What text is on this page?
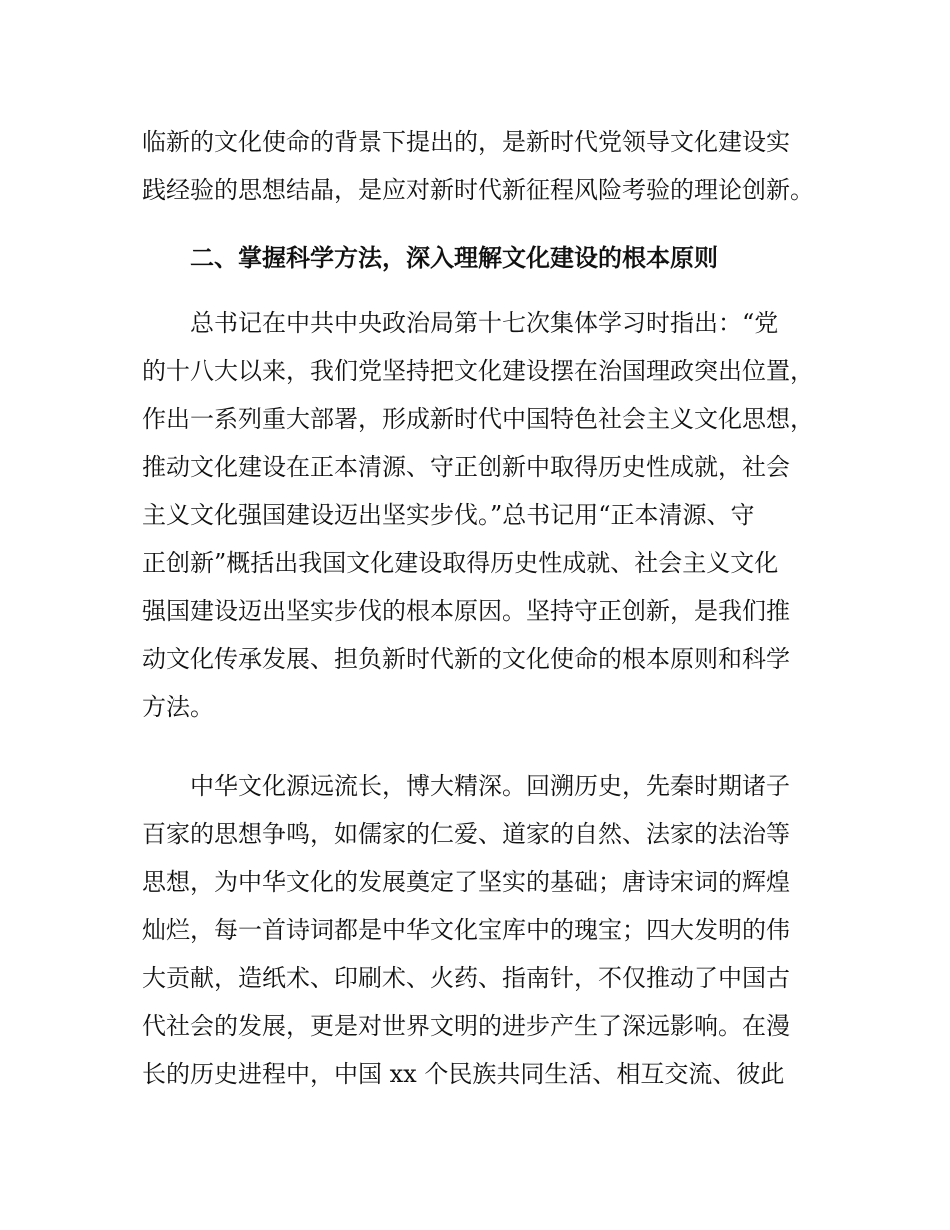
临新的文化使命的背景下提出的，是新时代党领导文化建设实
践经验的思想结晶，是应对新时代新征程风险考验的理论创新。
二、掌握科学方法，深入理解文化建设的根本原则
总书记在中共中央政治局第十七次集体学习时指出：“党
的十八大以来，我们党坚持把文化建设摆在治国理政突出位置，
作出一系列重大部署，形成新时代中国特色社会主义文化思想，
推动文化建设在正本清源、守正创新中取得历史性成就，社会
主义文化强国建设迈出坚实步伐。”总书记用“正本清源、守
正创新”概括出我国文化建设取得历史性成就、社会主义文化
强国建设迈出坚实步伐的根本原因。坚持守正创新，是我们推
动文化传承发展、担负新时代新的文化使命的根本原则和科学
方法。
中华文化源远流长，博大精深。回溯历史，先秦时期诸子
百家的思想争鸣，如儒家的仁爱、道家的自然、法家的法治等
思想，为中华文化的发展奠定了坚实的基础；唐诗宋词的辉煌
灿烂，每一首诗词都是中华文化宝库中的瑰宝；四大发明的伟
大贡献，造纸术、印刷术、火药、指南针，不仅推动了中国古
代社会的发展，更是对世界文明的进步产生了深远影响。在漫
长的历史进程中，中国 xx 个民族共同生活、相互交流、彼此
